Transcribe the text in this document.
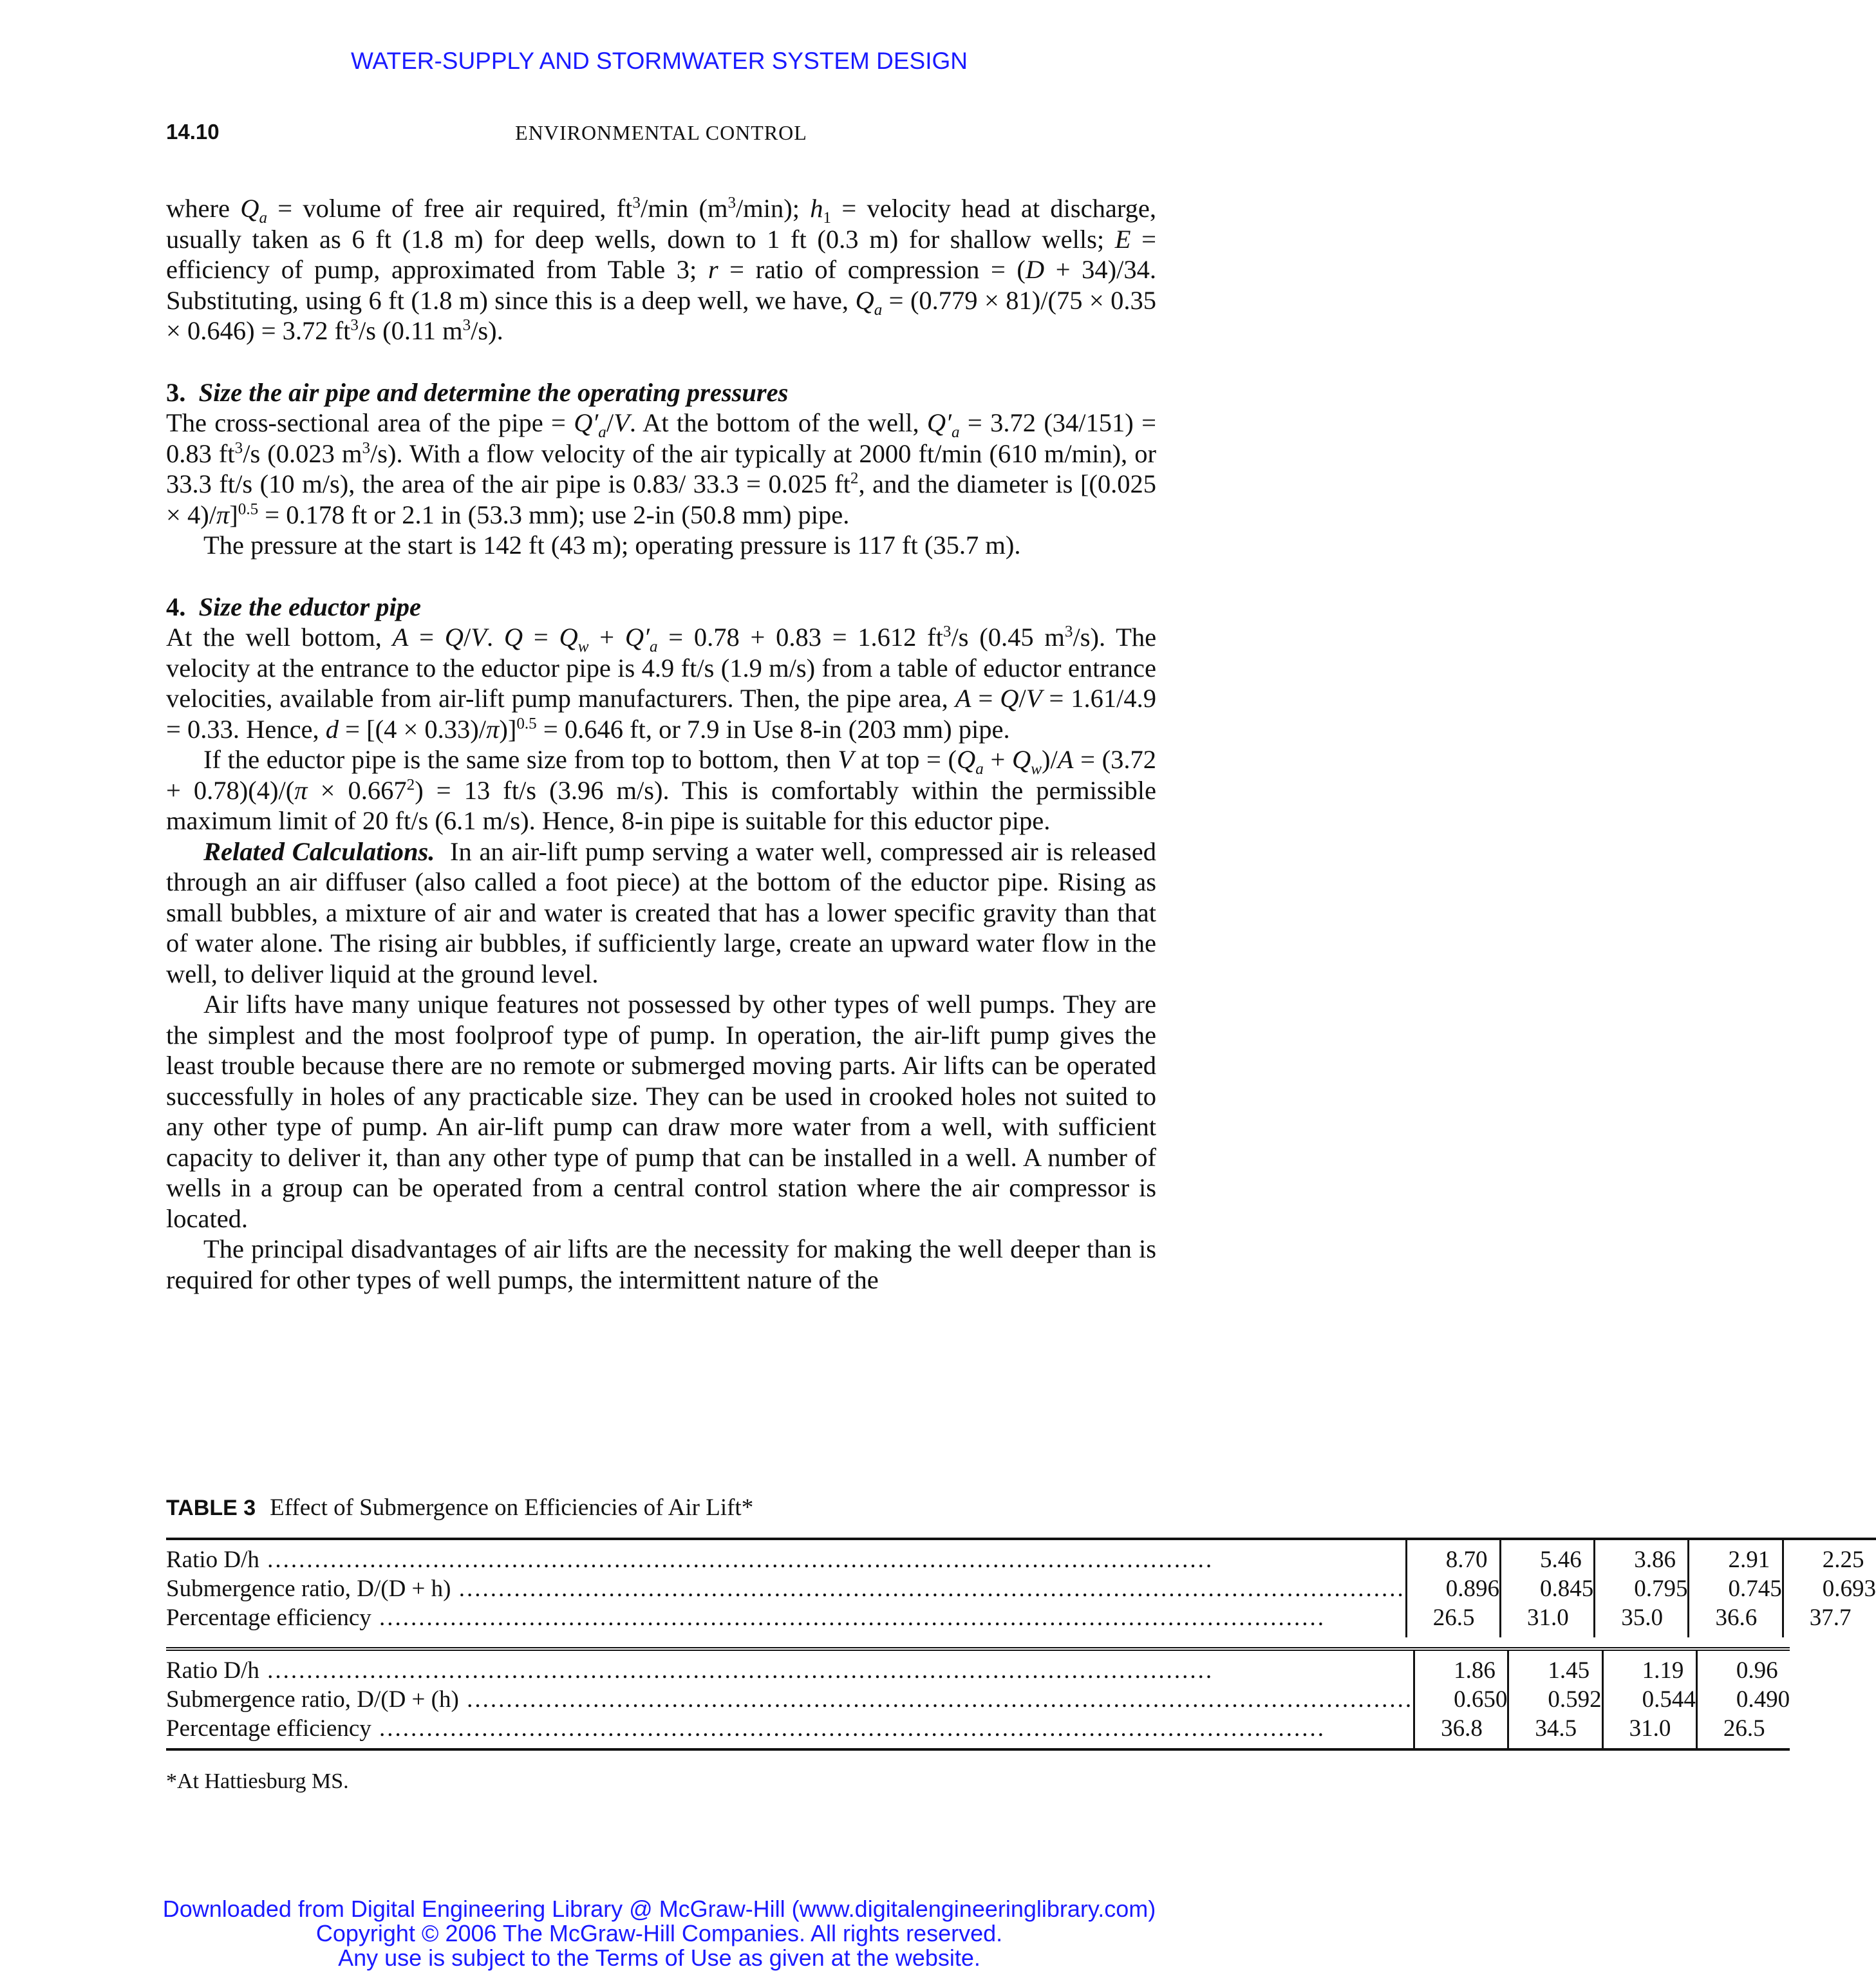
WATER-SUPPLY AND STORMWATER SYSTEM DESIGN
14.10	ENVIRONMENTAL CONTROL

where $Q_a$ = volume of free air required, $ft^3/\min$ $(m^3/\min)$; $h_1$ = velocity head at discharge, usually taken as 6 ft (1.8 m) for deep wells, down to 1 ft (0.3 m) for shallow wells; E = efficiency of pump, approximated from Table 3; r = ratio of compression = (D + 34)/34. Substituting, using 6 ft (1.8 m) since this is a deep well, we have, $Q_a = (0.779 \times 81)/(75 \times 0.35 \times 0.646) = 3.72$ $ft^3/s$ (0.11 $m^3/s$).

3. Size the air pipe and determine the operating pressures

The cross-sectional area of the pipe = $Q'_a/V$. At the bottom of the well, $Q'_a = 3.72$ (34/151) = 0.83 $ft^3/s$ (0.023 $m^3/s$). With a flow velocity of the air typically at 2000 ft/min (610 m/min), or 33.3 ft/s (10 m/s), the area of the air pipe is 0.83/ 33.3 = 0.025 $ft^2$, and the diameter is $[(0.025 \times 4)/\pi]^{0.5} = 0.178$ ft or 2.1 in (53.3 mm); use 2-in (50.8 mm) pipe.

The pressure at the start is 142 ft (43 m); operating pressure is 117 ft (35.7 m).

4. Size the eductor pipe

At the well bottom, A = Q/V. $Q = Q_w + Q'_a = 0.78 + 0.83 = 1.612$ $ft^3/s$ (0.45 $m^3/s$). The velocity at the entrance to the eductor pipe is 4.9 ft/s (1.9 m/s) from a table of eductor entrance velocities, available from air-lift pump manufacturers. Then, the pipe area, A = Q/V = 1.61/4.9 = 0.33. Hence, $d = [(4 \times 0.33)/\pi)]^{0.5} = 0.646$ ft, or 7.9 in Use 8-in (203 mm) pipe.

If the eductor pipe is the same size from top to bottom, then V at top = $(Q_a + Q_w)/A = (3.72 + 0.78)(4)/(\pi \times 0.667^2) = 13$ ft/s (3.96 m/s). This is comfortably within the permissible maximum limit of 20 ft/s (6.1 m/s). Hence, 8-in pipe is suitable for this eductor pipe.

Related Calculations.  In an air-lift pump serving a water well, compressed air is released through an air diffuser (also called a foot piece) at the bottom of the eductor pipe. Rising as small bubbles, a mixture of air and water is created that has a lower specific gravity than that of water alone. The rising air bubbles, if sufficiently large, create an upward water flow in the well, to deliver liquid at the ground level.

Air lifts have many unique features not possessed by other types of well pumps. They are the simplest and the most foolproof type of pump. In operation, the air-lift pump gives the least trouble because there are no remote or submerged moving parts. Air lifts can be operated successfully in holes of any practicable size. They can be used in crooked holes not suited to any other type of pump. An air-lift pump can draw more water from a well, with sufficient capacity to deliver it, than any other type of pump that can be installed in a well. A number of wells in a group can be operated from a central control station where the air compressor is located.

The principal disadvantages of air lifts are the necessity for making the well deeper than is required for other types of well pumps, the intermittent nature of the

TABLE 3 Effect of Submergence on Efficiencies of Air Lift*
Ratio D/h ........................................................................................................................	8.70	5.46	3.86	2.91	2.25
Submergence ratio, D/(D + h) ........................................................................................................................	0.896	0.845	0.795	0.745	0.693
Percentage efficiency ........................................................................................................................	26.5	31.0	35.0	36.6	37.7
Ratio D/h ........................................................................................................................	1.86	1.45	1.19	0.96
Submergence ratio, D/(D + (h) ........................................................................................................................	0.650	0.592	0.544	0.490
Percentage efficiency ........................................................................................................................	36.8	34.5	31.0	26.5
*At Hattiesburg MS.
Downloaded from Digital Engineering Library @ McGraw-Hill (www.digitalengineeringlibrary.com)
Copyright © 2006 The McGraw-Hill Companies. All rights reserved.
Any use is subject to the Terms of Use as given at the website.
